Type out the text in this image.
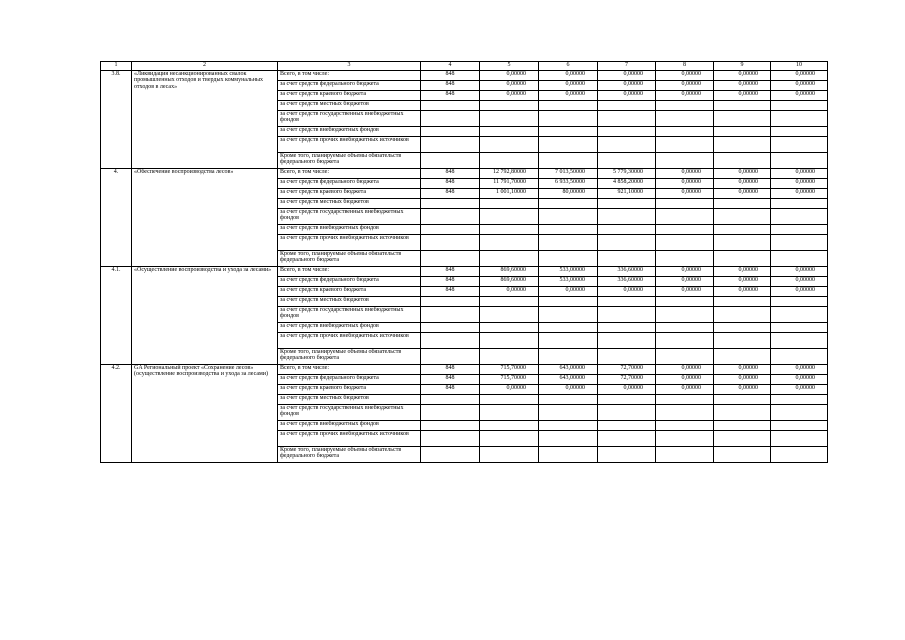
1	2	3	4	5	6	7	8	9	10
3.8.	«Ликвидация несанкционированных свалок промышленных отходов и твердых коммунальных отходов в лесах»	Всего, в том числе:	848	0,00000	0,00000	0,00000	0,00000	0,00000	0,00000
		за счет средств федерального бюджета	848	0,00000	0,00000	0,00000	0,00000	0,00000	0,00000
		за счет средств краевого бюджета	848	0,00000	0,00000	0,00000	0,00000	0,00000	0,00000
		за счет средств местных бюджетов							
		за счет средств государственных внебюджетных фондов							
		за счет средств внебюджетных фондов							
		за счет средств прочих внебюджетных источников							
		Кроме того, планируемые объемы обязательств федерального бюджета							
4.	«Обеспечение воспроизводства лесов»	Всего, в том числе:	848	12 792,80000	7 013,50000	5 779,30000	0,00000	0,00000	0,00000
		за счет средств федерального бюджета	848	11 791,70000	6 933,50000	4 858,20000	0,00000	0,00000	0,00000
		за счет средств краевого бюджета	848	1 001,10000	80,00000	921,10000	0,00000	0,00000	0,00000
		за счет средств местных бюджетов							
		за счет средств государственных внебюджетных фондов							
		за счет средств внебюджетных фондов							
		за счет средств прочих внебюджетных источников							
		Кроме того, планируемые объемы обязательств федерального бюджета							
4.1.	«Осуществление воспроизводства и ухода за лесами»	Всего, в том числе:	848	869,60000	533,00000	336,60000	0,00000	0,00000	0,00000
		за счет средств федерального бюджета	848	869,60000	533,00000	336,60000	0,00000	0,00000	0,00000
		за счет средств краевого бюджета	848	0,00000	0,00000	0,00000	0,00000	0,00000	0,00000
		за счет средств местных бюджетов							
		за счет средств государственных внебюджетных фондов							
		за счет средств внебюджетных фондов							
		за счет средств прочих внебюджетных источников							
		Кроме того, планируемые объемы обязательств федерального бюджета							
4.2.	GA Региональный проект «Сохранение лесов» (осуществление воспроизводства и ухода за лесами)	Всего, в том числе:	848	715,70000	643,00000	72,70000	0,00000	0,00000	0,00000
		за счет средств федерального бюджета	848	715,70000	643,00000	72,70000	0,00000	0,00000	0,00000
		за счет средств краевого бюджета	848	0,00000	0,00000	0,00000	0,00000	0,00000	0,00000
		за счет средств местных бюджетов							
		за счет средств государственных внебюджетных фондов							
		за счет средств внебюджетных фондов							
		за счет средств прочих внебюджетных источников							
		Кроме того, планируемые объемы обязательств федерального бюджета							
